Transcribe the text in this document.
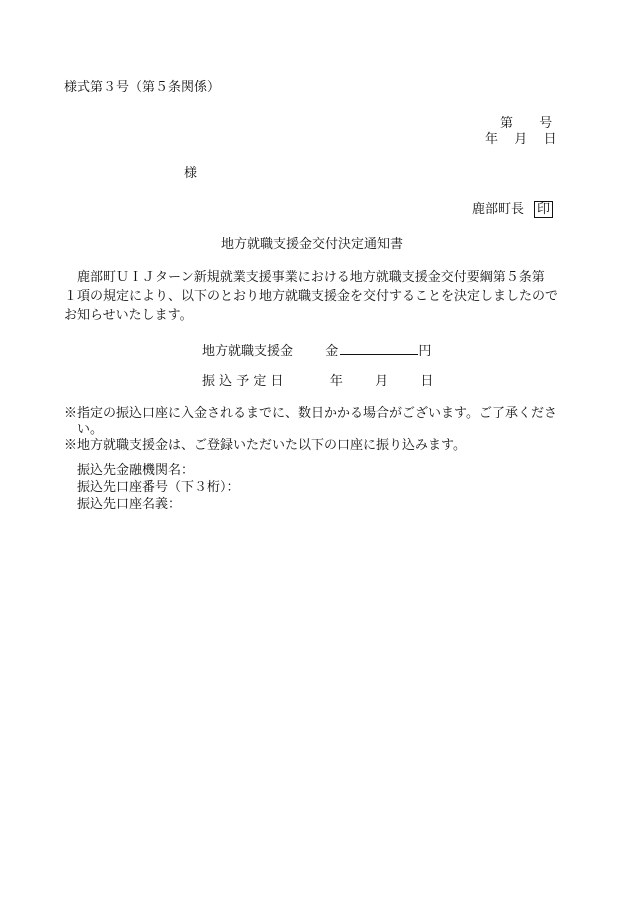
様式第３号（第５条関係）
第 号
年 月 日
様
鹿部町長 印
地方就職支援金交付決定通知書
鹿部町ＵＩＪターン新規就業支援事業における地方就職支援金交付要綱第５条第
１項の規定により、以下のとおり地方就職支援金を交付することを決定しましたので
お知らせいたします。
地方就職支援金 金	円
振 込 予 定 日	年 月 日
※指定の振込口座に入金されるまでに、数日かかる場合がございます。ご了承くださ
い。
※地方就職支援金は、ご登録いただいた以下の口座に振り込みます。
振込先金融機関名：
振込先口座番号（下３桁）：
振込先口座名義：
